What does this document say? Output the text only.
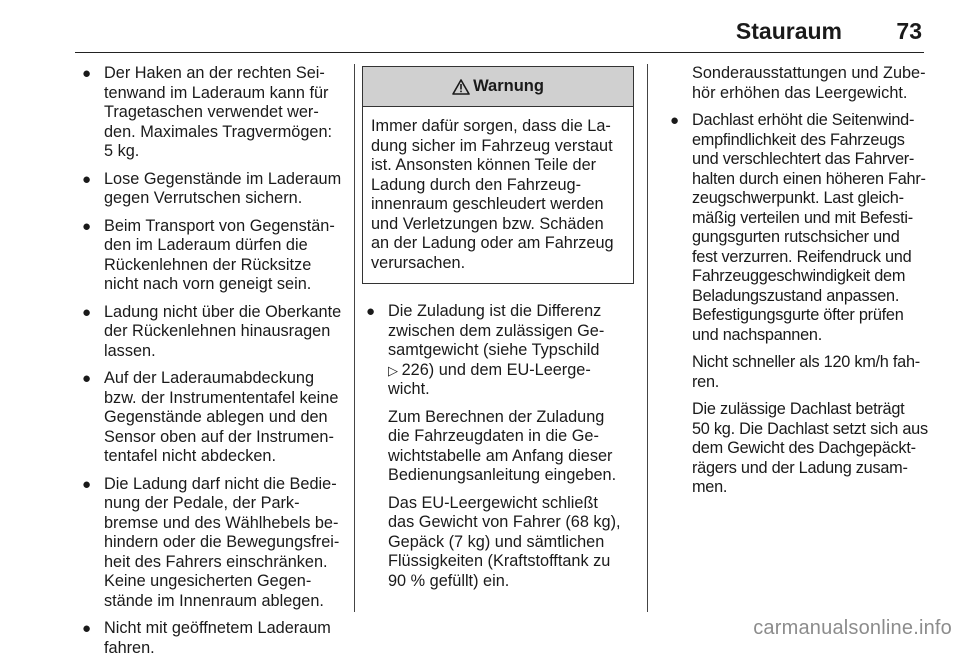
Stauraum 73
● Der Haken an der rechten Sei-
tenwand im Laderaum kann für
Tragetaschen verwendet wer-
den. Maximales Tragvermögen:
5 kg.
● Lose Gegenstände im Laderaum
gegen Verrutschen sichern.
● Beim Transport von Gegenstän-
den im Laderaum dürfen die
Rückenlehnen der Rücksitze
nicht nach vorn geneigt sein.
● Ladung nicht über die Oberkante
der Rückenlehnen hinausragen
lassen.
● Auf der Laderaumabdeckung
bzw. der Instrumententafel keine
Gegenstände ablegen und den
Sensor oben auf der Instrumen-
tentafel nicht abdecken.
● Die Ladung darf nicht die Bedie-
nung der Pedale, der Park-
bremse und des Wählhebels be-
hindern oder die Bewegungsfrei-
heit des Fahrers einschränken.
Keine ungesicherten Gegen-
stände im Innenraum ablegen.
● Nicht mit geöffnetem Laderaum
fahren.
Warnung
Immer dafür sorgen, dass die La-
dung sicher im Fahrzeug verstaut
ist. Ansonsten können Teile der
Ladung durch den Fahrzeug-
innenraum geschleudert werden
und Verletzungen bzw. Schäden
an der Ladung oder am Fahrzeug
verursachen.
● Die Zuladung ist die Differenz
zwischen dem zulässigen Ge-
samtgewicht (siehe Typschild
▷ 226) und dem EU-Leerge-
wicht.
Zum Berechnen der Zuladung
die Fahrzeugdaten in die Ge-
wichtstabelle am Anfang dieser
Bedienungsanleitung eingeben.
Das EU-Leergewicht schließt
das Gewicht von Fahrer (68 kg),
Gepäck (7 kg) und sämtlichen
Flüssigkeiten (Kraftstofftank zu
90 % gefüllt) ein.
Sonderausstattungen und Zube-
hör erhöhen das Leergewicht.
● Dachlast erhöht die Seitenwind-
empfindlichkeit des Fahrzeugs
und verschlechtert das Fahrver-
halten durch einen höheren Fahr-
zeugschwerpunkt. Last gleich-
mäßig verteilen und mit Befesti-
gungsgurten rutschsicher und
fest verzurren. Reifendruck und
Fahrzeuggeschwindigkeit dem
Beladungszustand anpassen.
Befestigungsgurte öfter prüfen
und nachspannen.
Nicht schneller als 120 km/h fah-
ren.
Die zulässige Dachlast beträgt
50 kg. Die Dachlast setzt sich aus
dem Gewicht des Dachgepäckt-
rägers und der Ladung zusam-
men.
carmanualsonline.info
